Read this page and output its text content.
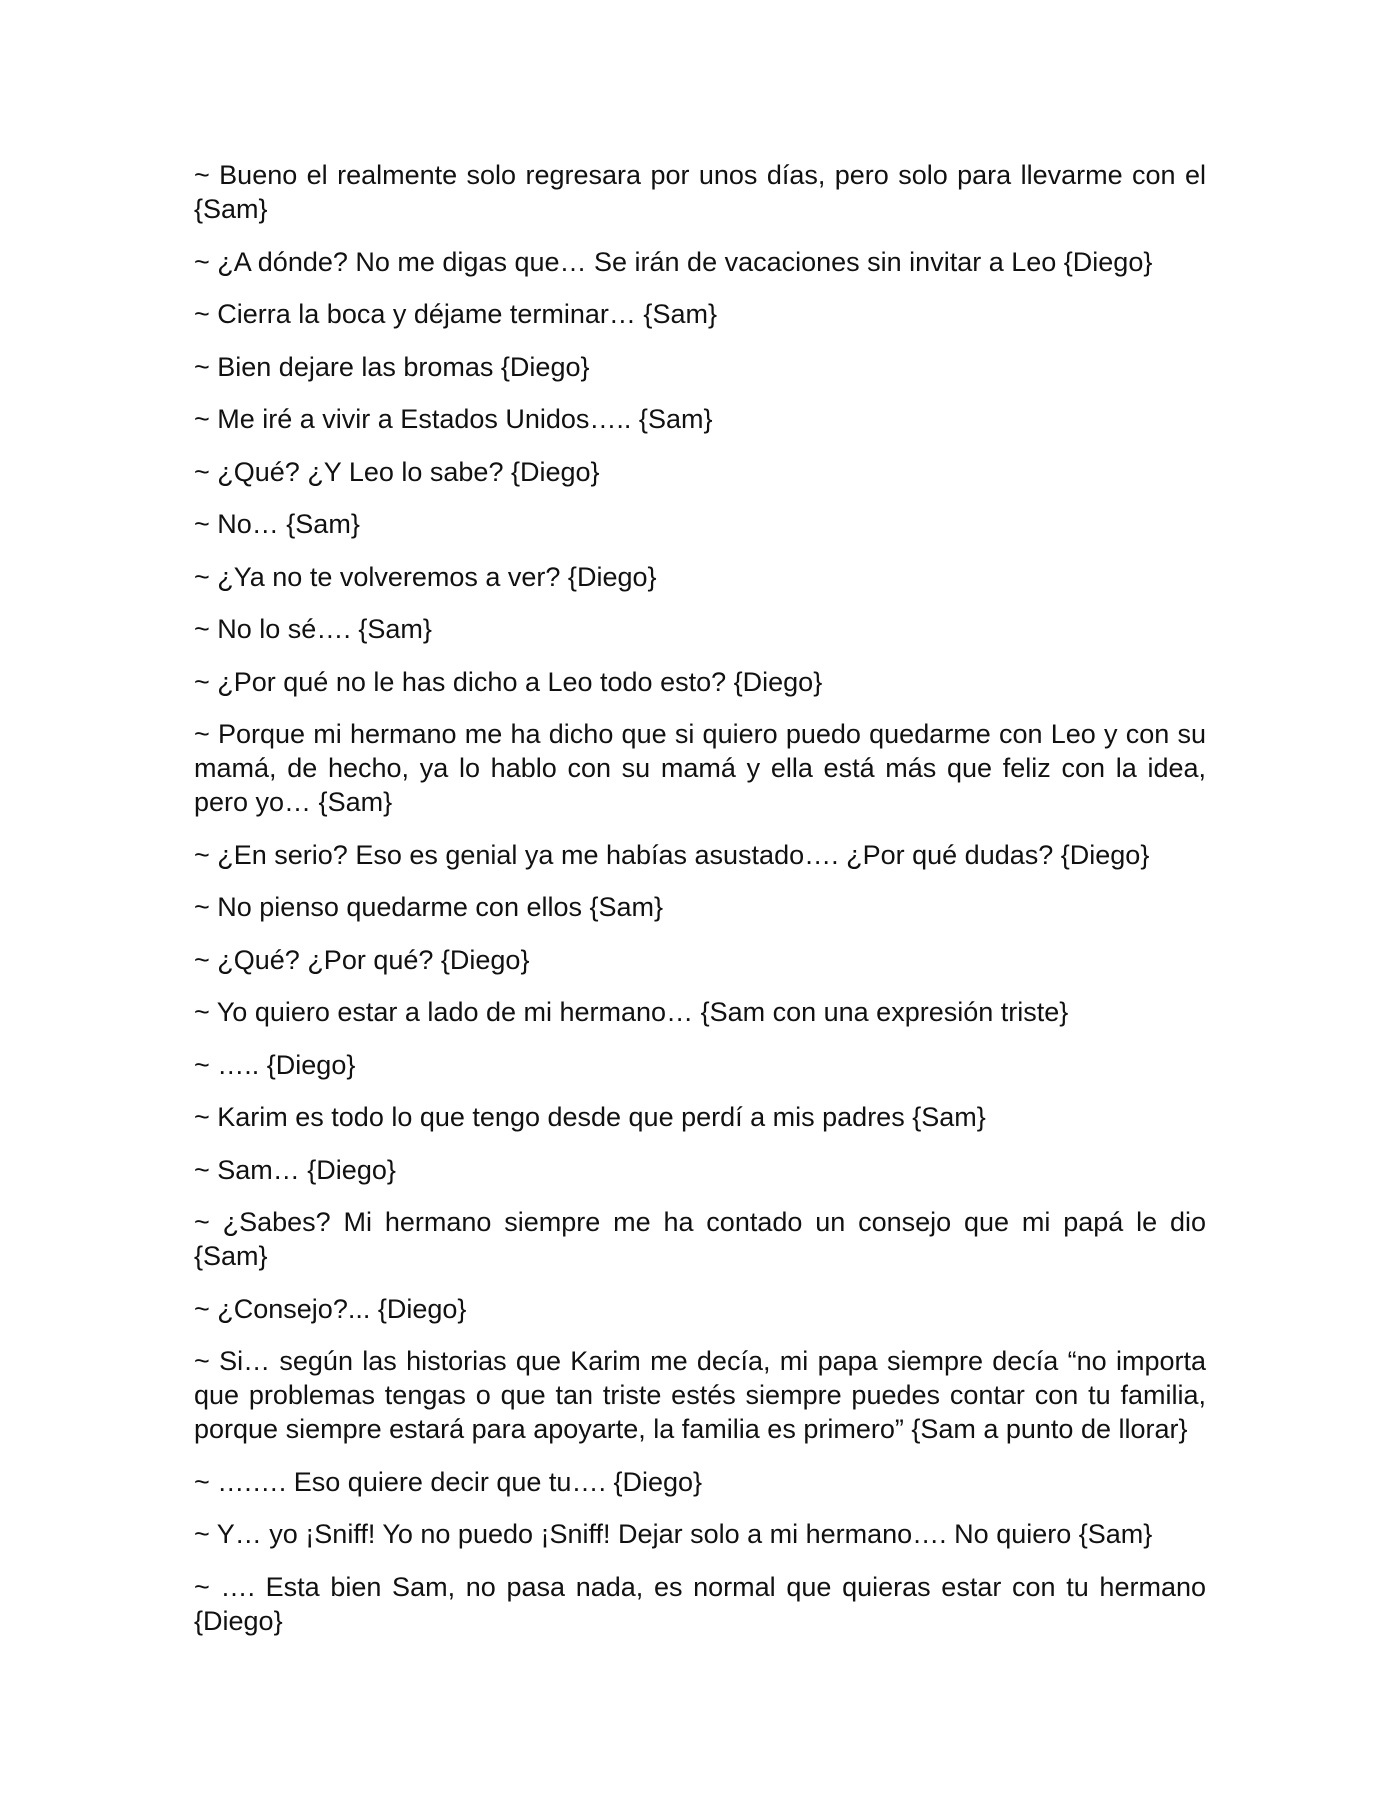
~ Bueno el realmente solo regresara por unos días, pero solo para llevarme con el {Sam}

~ ¿A dónde? No me digas que… Se irán de vacaciones sin invitar a Leo {Diego}

~ Cierra la boca y déjame terminar… {Sam}

~ Bien dejare las bromas {Diego}

~ Me iré a vivir a Estados Unidos….. {Sam}

~ ¿Qué? ¿Y Leo lo sabe? {Diego}

~ No… {Sam}

~ ¿Ya no te volveremos a ver? {Diego}

~ No lo sé…. {Sam}

~ ¿Por qué no le has dicho a Leo todo esto? {Diego}

~ Porque mi hermano me ha dicho que si quiero puedo quedarme con Leo y con su mamá, de hecho, ya lo hablo con su mamá y ella está más que feliz con la idea, pero yo… {Sam}

~ ¿En serio? Eso es genial ya me habías asustado…. ¿Por qué dudas? {Diego}

~ No pienso quedarme con ellos {Sam}

~ ¿Qué? ¿Por qué? {Diego}

~ Yo quiero estar a lado de mi hermano… {Sam con una expresión triste}

~ ….. {Diego}

~ Karim es todo lo que tengo desde que perdí a mis padres {Sam}

~ Sam… {Diego}

~ ¿Sabes? Mi hermano siempre me ha contado un consejo que mi papá le dio {Sam}

~ ¿Consejo?... {Diego}

~ Si… según las historias que Karim me decía, mi papa siempre decía “no importa que problemas tengas o que tan triste estés siempre puedes contar con tu familia, porque siempre estará para apoyarte, la familia es primero” {Sam a punto de llorar}

~ ….…. Eso quiere decir que tu…. {Diego}

~ Y… yo ¡Sniff! Yo no puedo ¡Sniff! Dejar solo a mi hermano…. No quiero {Sam}

~ …. Esta bien Sam, no pasa nada, es normal que quieras estar con tu hermano {Diego}
